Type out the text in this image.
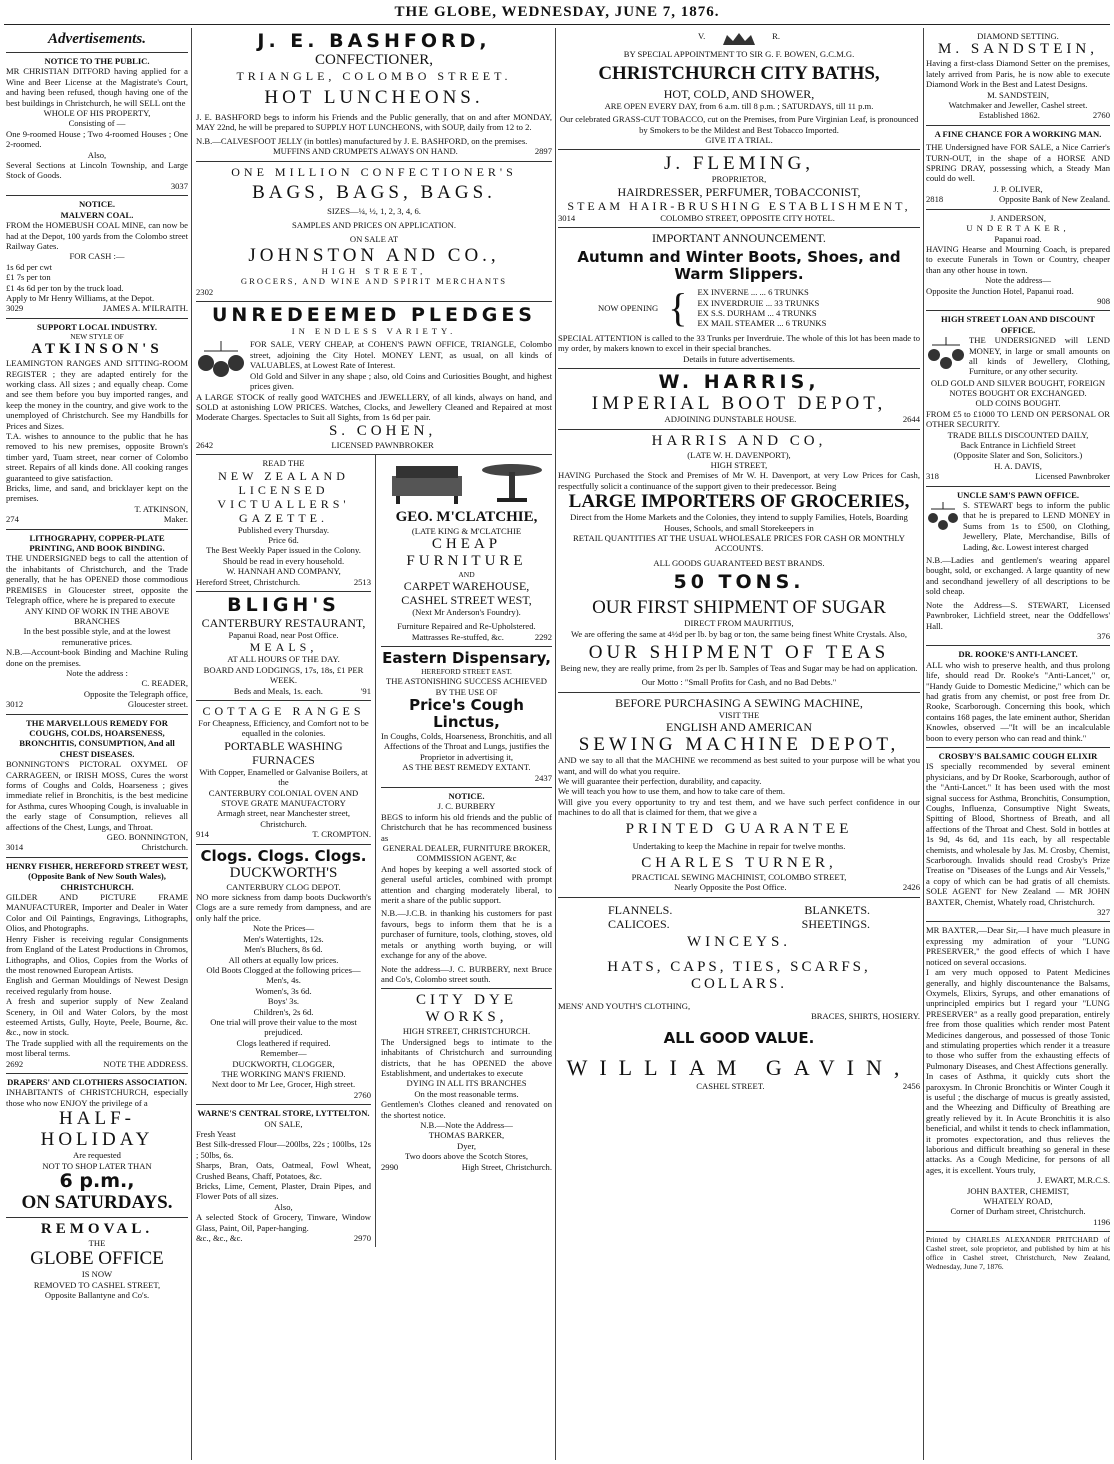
THE GLOBE, WEDNESDAY, JUNE 7, 1876.
Advertisements.
NOTICE TO THE PUBLIC.

MR CHRISTIAN DITFORD having applied for a Wine and Beer License at the Magistrate's Court, and having been refused, though having one of the best buildings in Christchurch, he will SELL ont the

WHOLE OF HIS PROPERTY,

Consisting of —

One 9-roomed House ; Two 4-roomed Houses ; One 2-roomed.

Also,

Several Sections at Lincoln Township, and Large Stock of Goods.

3037

NOTICE.
MALVERN COAL.

FROM the HOMEBUSH COAL MINE, can now be had at the Depot, 100 yards from the Colombo street Railway Gates.

FOR CASH :—

1s 6d per cwt

£1 7s per ton

£1 4s 6d per ton by the truck load.

Apply to Mr Henry Williams, at the Depot.

3029	JAMES A. M'ILRAITH.
SUPPORT LOCAL INDUSTRY.
NEW STYLE OF
ATKINSON'S

LEAMINGTON RANGES AND SITTING-ROOM REGISTER ; they are adapted entirely for the working class. All sizes ; and equally cheap. Come and see them before you buy imported ranges, and keep the money in the country, and give work to the unemployed of Christchurch. See my Handbills for Prices and Sizes.

T.A. wishes to announce to the public that he has removed to his new premises, opposite Brown's timber yard, Tuam street, near corner of Colombo street. Repairs of all kinds done. All cooking ranges guaranteed to give satisfaction.

Bricks, lime, and sand, and bricklayer kept on the premises.

T. ATKINSON,

274	Maker.
LITHOGRAPHY, COPPER-PLATE PRINTING, AND BOOK BINDING.

THE UNDERSIGNED begs to call the attention of the inhabitants of Christchurch, and the Trade generally, that he has OPENED those commodious PREMISES in Gloucester street, opposite the Telegraph office, where he is prepared to execute

ANY KIND OF WORK IN THE ABOVE BRANCHES

In the best possible style, and at the lowest remunerative prices.

N.B.—Account-book Binding and Machine Ruling done on the premises.

Note the address :

C. READER,

Opposite the Telegraph office,

3012	Gloucester street.
THE MARVELLOUS REMEDY FOR COUGHS, COLDS, HOARSENESS, BRONCHITIS, CONSUMPTION, And all CHEST DISEASES.

BONNINGTON'S PICTORAL OXYMEL OF CARRAGEEN, or IRISH MOSS, Cures the worst forms of Coughs and Colds, Hoarseness ; gives immediate relief in Bronchitis, is the best medicine for Asthma, cures Whooping Cough, is invaluable in the early stage of Consumption, relieves all affections of the Chest, Lungs, and Throat.

GEO. BONNINGTON,

3014	Christchurch.
HENRY FISHER, HEREFORD STREET WEST, (Opposite Bank of New South Wales), CHRISTCHURCH.

GILDER AND PICTURE FRAME MANUFACTURER, Importer and Dealer in Water Color and Oil Paintings, Engravings, Lithographs, Olios, and Photographs.

Henry Fisher is receiving regular Consignments from England of the Latest Productions in Chromos, Lithographs, and Olios, Copies from the Works of the most renowned European Artists.

English and German Mouldings of Newest Design received regularly from house.

A fresh and superior supply of New Zealand Scenery, in Oil and Water Colors, by the most esteemed Artists, Gully, Hoyte, Peele, Bourne, &c. &c., now in stock.

The Trade supplied with all the requirements on the most liberal terms.

2692	NOTE THE ADDRESS.
DRAPERS' AND CLOTHIERS ASSOCIATION.

INHABITANTS of CHRISTCHURCH, especially those who now ENJOY the privilege of a

HALF-HOLIDAY

Are requested

NOT TO SHOP LATER THAN

6 p.m.,
ON SATURDAYS.
REMOVAL.

THE

GLOBE OFFICE

IS NOW

REMOVED TO CASHEL STREET,

Opposite Ballantyne and Co's.

J. E. BASHFORD,
CONFECTIONER,
TRIANGLE, COLOMBO STREET.
HOT LUNCHEONS.

J. E. BASHFORD begs to inform his Friends and the Public generally, that on and after MONDAY, MAY 22nd, he will be prepared to SUPPLY HOT LUNCHEONS, with SOUP, daily from 12 to 2.

N.B.—CALVESFOOT JELLY (in bottles) manufactured by J. E. BASHFORD, on the premises.

MUFFINS AND CRUMPETS ALWAYS ON HAND.	2897
ONE MILLION CONFECTIONER'S
BAGS, BAGS, BAGS.

SIZES—¼, ½, 1, 2, 3, 4, 6.

SAMPLES AND PRICES ON APPLICATION.

ON SALE AT

JOHNSTON AND CO.,

HIGH STREET,

GROCERS, AND WINE AND SPIRIT MERCHANTS

2302

UNREDEEMED PLEDGES

IN ENDLESS VARIETY.

FOR SALE, VERY CHEAP, at COHEN'S PAWN OFFICE, TRIANGLE, Colombo street, adjoining the City Hotel. MONEY LENT, as usual, on all kinds of VALUABLES, at Lowest Rate of Interest.

Old Gold and Silver in any shape ; also, old Coins and Curiosities Bought, and highest prices given.

A LARGE STOCK of really good WATCHES and JEWELLERY, of all kinds, always on hand, and SOLD at astonishing LOW PRICES. Watches, Clocks, and Jewellery Cleaned and Repaired at most Moderate Charges. Spectacles to Suit all Sights, from 1s 6d per pair.

2642
S. COHEN,
LICENSED PAWNBROKER

READ THE

NEW ZEALAND LICENSED VICTUALLERS' GAZETTE.

Published every Thursday.

Price 6d.

The Best Weekly Paper issued in the Colony. Should be read in every household.

W. HANNAH AND COMPANY,

Hereford Street, Christchurch.	2513
BLIGH'S

CANTERBURY RESTAURANT,

Papanui Road, near Post Office.

MEALS,

AT ALL HOURS OF THE DAY.

BOARD AND LODGINGS, 17s, 18s, £1 PER WEEK.

Beds and Meals, 1s. each.	'91
COTTAGE RANGES

For Cheapness, Efficiency, and Comfort not to be equalled in the colonies.

PORTABLE WASHING FURNACES

With Copper, Enamelled or Galvanise Boilers, at the

CANTERBURY COLONIAL OVEN AND STOVE GRATE MANUFACTORY

Armagh street, near Manchester street, Christchurch.

914	T. CROMPTON.
Clogs. Clogs. Clogs.
DUCKWORTH'S

CANTERBURY CLOG DEPOT.

NO more sickness from damp boots Duckworth's Clogs are a sure remedy from dampness, and are only half the price.

Note the Prices—

Men's Watertights, 12s.

Men's Bluchers, 8s 6d.

All others at equally low prices.

Old Boots Clogged at the following prices—

Men's, 4s.

Women's, 3s 6d.

Boys' 3s.

Children's, 2s 6d.

One trial will prove their value to the most prejudiced.

Clogs leathered if required.

Remember—

DUCKWORTH, CLOGGER,

THE WORKING MAN'S FRIEND.

Next door to Mr Lee, Grocer, High street.

2760

WARNE'S CENTRAL STORE, LYTTELTON.

ON SALE,

Fresh Yeast

Best Silk-dressed Flour—200lbs, 22s ; 100lbs, 12s ; 50lbs, 6s.

Sharps, Bran, Oats, Oatmeal, Fowl Wheat, Crushed Beans, Chaff, Potatoes, &c.

Bricks, Lime, Cement, Plaster, Drain Pipes, and Flower Pots of all sizes.

Also,

A selected Stock of Grocery, Tinware, Window Glass, Paint, Oil, Paper-hanging.

&c., &c., &c.	2970
GEO. M'CLATCHIE,

(LATE KING & M'CLATCHIE

CHEAP FURNITURE

AND

CARPET WAREHOUSE,

CASHEL STREET WEST,

(Next Mr Anderson's Foundry).

Furniture Repaired and Re-Upholstered.

Mattrasses Re-stuffed, &c.	2292
Eastern Dispensary,

HEREFORD STREET EAST.

THE ASTONISHING SUCCESS ACHIEVED BY THE USE OF

Price's Cough Linctus,

In Coughs, Colds, Hoarseness, Bronchitis, and all Affections of the Throat and Lungs, justifies the Proprietor in advertising it,

AS THE BEST REMEDY EXTANT.

2437

NOTICE.

J. C. BURBERY

BEGS to inform his old friends and the public of Christchurch that he has recommenced business as

GENERAL DEALER, FURNITURE BROKER, COMMISSION AGENT, &c

And hopes by keeping a well assorted stock of general useful articles, combined with prompt attention and charging moderately liberal, to merit a share of the public support.

N.B.—J.C.B. in thanking his customers for past favours, begs to inform them that he is a purchaser of furniture, tools, clothing, stoves, old metals or anything worth buying, or will exchange for any of the above.

Note the address—J. C. BURBERY, next Bruce and Co's, Colombo street south.

CITY DYE WORKS,

HIGH STREET, CHRISTCHURCH.

The Undersigned begs to intimate to the inhabitants of Christchurch and surrounding districts, that he has OPENED the above Establishment, and undertakes to execute

DYING IN ALL ITS BRANCHES

On the most reasonable terms.

Gentlemen's Clothes cleaned and renovated on the shortest notice.

N.B.—Note the Address—

THOMAS BARKER,

Dyer,

Two doors above the Scotch Stores,

2990	High Street, Christchurch.
V.	R.

BY SPECIAL APPOINTMENT TO SIR G. F. BOWEN, G.C.M.G.

CHRISTCHURCH CITY BATHS,
HOT, COLD, AND SHOWER,

ARE OPEN EVERY DAY, from 6 a.m. till 8 p.m. ; SATURDAYS, till 11 p.m.

Our celebrated GRASS-CUT TOBACCO, cut on the Premises, from Pure Virginian Leaf, is pronounced by Smokers to be the Mildest and Best Tobacco Imported.

GIVE IT A TRIAL.

J. FLEMING,

PROPRIETOR,

HAIRDRESSER, PERFUMER, TOBACCONIST,

STEAM HAIR-BRUSHING ESTABLISHMENT,

3014	COLOMBO STREET, OPPOSITE CITY HOTEL.
IMPORTANT ANNOUNCEMENT.
Autumn and Winter Boots, Shoes, and Warm Slippers.
NOW OPENING { EX INVERNE ... ... 6 TRUNKS

EX INVERDRUIE ... 33 TRUNKS

EX S.S. DURHAM ... 4 TRUNKS

EX MAIL STEAMER ... 6 TRUNKS

SPECIAL ATTENTION is called to the 33 Trunks per Inverdruie. The whole of this lot has been made to my order, by makers known to excel in their special branches.

Details in future advertisements.

W. HARRIS,
IMPERIAL BOOT DEPOT,
ADJOINING DUNSTABLE HOUSE.	2644
HARRIS AND CO,

(LATE W. H. DAVENPORT),

HIGH STREET,

HAVING Purchased the Stock and Premises of Mr W. H. Davenport, at very Low Prices for Cash, respectfully solicit a continuance of the support given to their predecessor. Being

LARGE IMPORTERS OF GROCERIES,

Direct from the Home Markets and the Colonies, they intend to supply Families, Hotels, Boarding Houses, Schools, and small Storekeepers in

RETAIL QUANTITIES AT THE USUAL WHOLESALE PRICES FOR CASH OR MONTHLY ACCOUNTS.

ALL GOODS GUARANTEED BEST BRANDS.

50 TONS.
OUR FIRST SHIPMENT OF SUGAR

DIRECT FROM MAURITIUS,

We are offering the same at 4½d per lb. by bag or ton, the same being finest White Crystals. Also,

OUR SHIPMENT OF TEAS

Being new, they are really prime, from 2s per lb. Samples of Teas and Sugar may be had on application.

Our Motto : "Small Profits for Cash, and no Bad Debts."

BEFORE PURCHASING A SEWING MACHINE,

VISIT THE

ENGLISH AND AMERICAN
SEWING MACHINE DEPOT,

AND we say to all that the MACHINE we recommend as best suited to your purpose will be what you want, and will do what you require.

We will guarantee their perfection, durability, and capacity.

We will teach you how to use them, and how to take care of them.

Will give you every opportunity to try and test them, and we have such perfect confidence in our machines to do all that is claimed for them, that we give a

PRINTED GUARANTEE

Undertaking to keep the Machine in repair for twelve months.

CHARLES TURNER,

PRACTICAL SEWING MACHINIST, COLOMBO STREET,

Nearly Opposite the Post Office.	2426
FLANNELS.	BLANKETS.
CALICOES.	SHEETINGS.
WINCEYS.
HATS, CAPS, TIES, SCARFS, COLLARS.

MENS' AND YOUTH'S CLOTHING,

BRACES, SHIRTS, HOSIERY.

ALL GOOD VALUE.
WILLIAM GAVIN,
CASHEL STREET.	2456
DIAMOND SETTING.
M. SANDSTEIN,

Having a first-class Diamond Setter on the premises, lately arrived from Paris, he is now able to execute Diamond Work in the Best and Latest Designs.

M. SANDSTEIN,

Watchmaker and Jeweller, Cashel street.

Established 1862.	2760
A FINE CHANCE FOR A WORKING MAN.

THE Undersigned have FOR SALE, a Nice Carrier's TURN-OUT, in the shape of a HORSE AND SPRING DRAY, possessing which, a Steady Man could do well.

J. P. OLIVER,

2818	Opposite Bank of New Zealand.
J. ANDERSON,
UNDERTAKER,

Papanui road.

HAVING Hearse and Mourning Coach, is prepared to execute Funerals in Town or Country, cheaper than any other house in town.

Note the address—

Opposite the Junction Hotel, Papanui road.

908

HIGH STREET LOAN AND DISCOUNT OFFICE.

THE UNDERSIGNED will LEND MONEY, in large or small amounts on all kinds of Jewellery, Clothing, Furniture, or any other security.

OLD GOLD AND SILVER BOUGHT, FOREIGN NOTES BOUGHT OR EXCHANGED.

OLD COINS BOUGHT.

FROM £5 to £1000 TO LEND ON PERSONAL OR OTHER SECURITY.

TRADE BILLS DISCOUNTED DAILY,

Back Entrance in Lichfield Street

(Opposite Slater and Son, Solicitors.)

H. A. DAVIS,

318	Licensed Pawnbroker
UNCLE SAM'S PAWN OFFICE.

S. STEWART begs to inform the public that he is prepared to LEND MONEY in Sums from 1s to £500, on Clothing, Jewellery, Plate, Merchandise, Bills of Lading, &c. Lowest interest charged

N.B.—Ladies and gentlemen's wearing apparel bought, sold, or exchanged. A large quantity of new and secondhand jewellery of all descriptions to be sold cheap.

Note the Address—S. STEWART, Licensed Pawnbroker, Lichfield street, near the Oddfellows' Hall.

376

DR. ROOKE'S ANTI-LANCET.

ALL who wish to preserve health, and thus prolong life, should read Dr. Rooke's "Anti-Lancet," or, "Handy Guide to Domestic Medicine," which can be had gratis from any chemist, or post free from Dr. Rooke, Scarborough. Concerning this book, which contains 168 pages, the late eminent author, Sheridan Knowles, observed —"It will be an incalculable boon to every person who can read and think."

CROSBY'S BALSAMIC COUGH ELIXIR

IS specially recommended by several eminent physicians, and by Dr Rooke, Scarborough, author of the "Anti-Lancet." It has been used with the most signal success for Asthma, Bronchitis, Consumption, Coughs, Influenza, Consumptive Night Sweats, Spitting of Blood, Shortness of Breath, and all affections of the Throat and Chest. Sold in bottles at 1s 9d, 4s 6d, and 11s each, by all respectable chemists, and wholesale by Jas. M. Crosby, Chemist, Scarborough. Invalids should read Crosby's Prize Treatise on "Diseases of the Lungs and Air Vessels," a copy of which can be had gratis of all chemists. SOLE AGENT for New Zealand — MR JOHN BAXTER, Chemist, Whately road, Christchurch.

327

MR BAXTER,—Dear Sir,—I have much pleasure in expressing my admiration of your "LUNG PRESERVER," the good effects of which I have noticed on several occasions.

I am very much opposed to Patent Medicines generally, and highly discountenance the Balsams, Oxymels, Elixirs, Syrups, and other emanations of unprincipled empirics but I regard your "LUNG PRESERVER" as a really good preparation, entirely free from those qualities which render most Patent Medicines dangerous, and possessed of those Tonic and stimulating properties which render it a treasure to those who suffer from the exhausting effects of Pulmonary Diseases, and Chest Affections generally.

In cases of Asthma, it quickly cuts short the paroxysm. In Chronic Bronchitis or Winter Cough it is useful ; the discharge of mucus is greatly assisted, and the Wheezing and Difficulty of Breathing are greatly relieved by it. In Acute Bronchitis it is also beneficial, and whilst it tends to check inflammation, it promotes expectoration, and thus relieves the laborious and difficult breathing so general in these attacks. As a Cough Medicine, for persons of all ages, it is excellent. Yours truly,

J. EWART, M.R.C.S.

JOHN BAXTER, CHEMIST,

WHATELY ROAD,

Corner of Durham street, Christchurch.

1196

Printed by CHARLES ALEXANDER PRITCHARD of Cashel street, sole proprietor, and published by him at his office in Cashel street, Christchurch, New Zealand, Wednesday, June 7, 1876.
